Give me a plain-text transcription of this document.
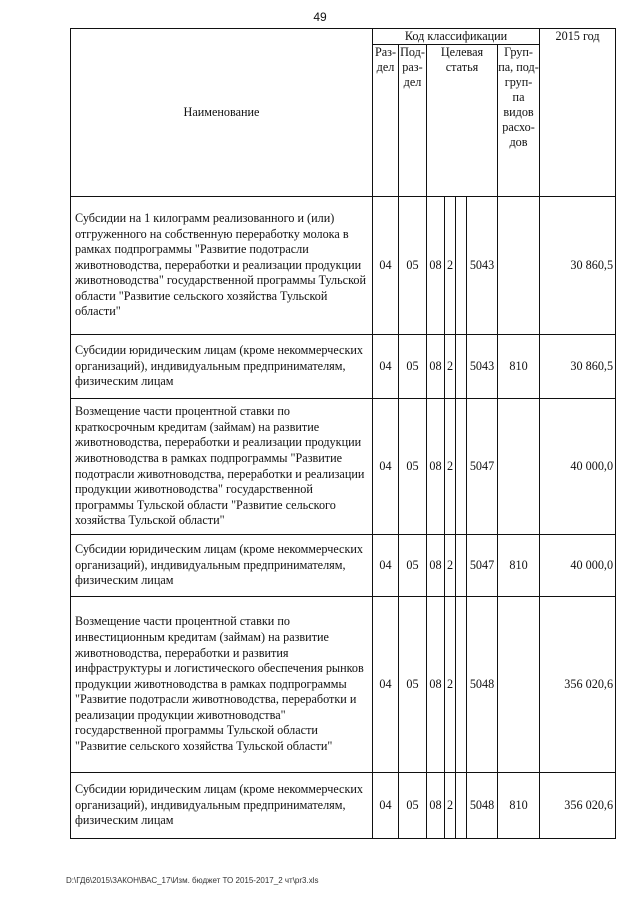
49
Наименование	Код классификации							2015 год
	Раз- дел	Под- раз- дел	Целевая статья				Груп- па, под- груп- па видов расхо- дов	
Субсидии на 1 килограмм реализованного и (или) отгруженного на собственную переработку молока в рамках подпрограммы "Развитие подотрасли животноводства, переработки и реализации продукции животноводства" государственной программы Тульской области "Развитие сельского хозяйства Тульской области"	04	05	08	2		5043		30 860,5
Субсидии юридическим лицам (кроме некоммерческих организаций), индивидуальным предпринимателям, физическим лицам	04	05	08	2		5043	810	30 860,5
Возмещение части процентной ставки по краткосрочным кредитам (займам) на развитие животноводства, переработки и реализации продукции животноводства в рамках подпрограммы "Развитие подотрасли животноводства, переработки и реализации продукции животноводства" государственной программы Тульской области "Развитие сельского хозяйства Тульской области"	04	05	08	2		5047		40 000,0
Субсидии юридическим лицам (кроме некоммерческих организаций), индивидуальным предпринимателям, физическим лицам	04	05	08	2		5047	810	40 000,0
Возмещение части процентной ставки по инвестиционным кредитам (займам) на развитие животноводства, переработки и развития инфраструктуры и логистического обеспечения рынков продукции животноводства в рамках подпрограммы "Развитие подотрасли животноводства, переработки и реализации продукции животноводства" государственной программы Тульской области "Развитие сельского хозяйства Тульской области"	04	05	08	2		5048		356 020,6
Субсидии юридическим лицам (кроме некоммерческих организаций), индивидуальным предпринимателям, физическим лицам	04	05	08	2		5048	810	356 020,6
D:\ГД6\2015\ЗАКОН\ВАС_17\Изм. бюджет ТО 2015-2017_2 чт\pr3.xls
